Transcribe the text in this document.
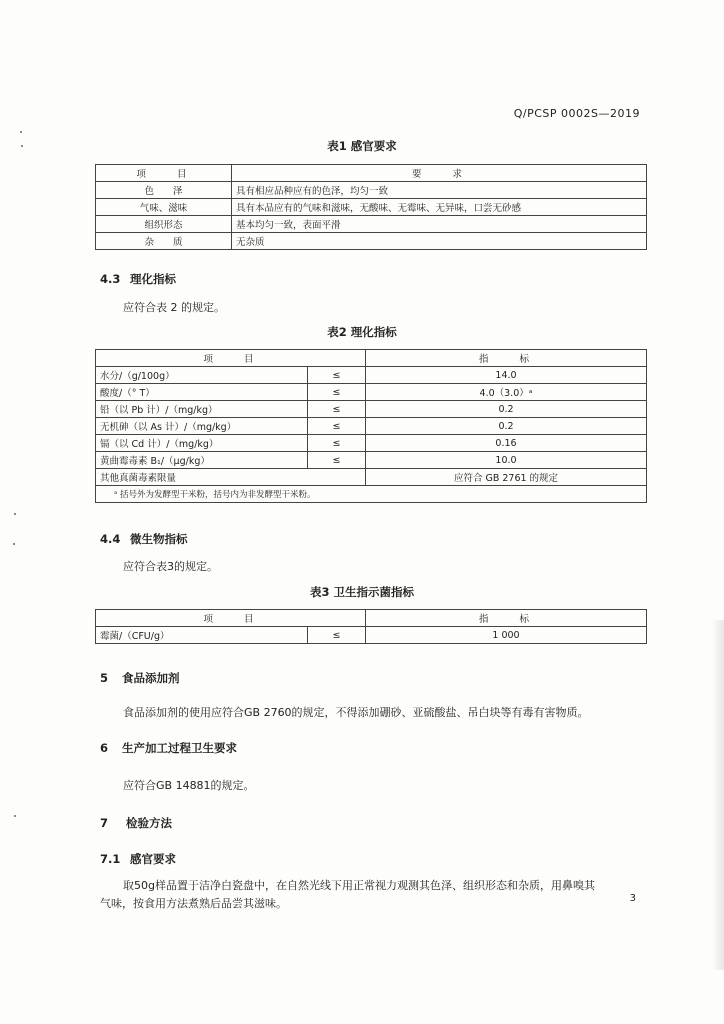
Q/PCSP 0002S—2019
表1 感官要求
项　　目	要　　求
色　　泽	具有相应品种应有的色泽，均匀一致
气味、滋味	具有本品应有的气味和滋味，无酸味、无霉味、无异味，口尝无砂感
组织形态	基本均匀一致，表面平滑
杂　　质	无杂质
4.3 理化指标
应符合表 2 的规定。
表2 理化指标
项　　目		指　　标
水分/（g/100g）	≤	14.0
酸度/（° T）	≤	4.0（3.0）ᵃ
铅（以 Pb 计）/（mg/kg）	≤	0.2
无机砷（以 As 计）/（mg/kg）	≤	0.2
镉（以 Cd 计）/（mg/kg）	≤	0.16
黄曲霉毒素 B₁/（μg/kg）	≤	10.0
其他真菌毒素限量		应符合 GB 2761 的规定
ᵃ 括号外为发酵型干米粉，括号内为非发酵型干米粉。		
4.4 微生物指标
应符合表3的规定。
表3 卫生指示菌指标
项　　目		指　　标
霉菌/（CFU/g）	≤	1 000
5 食品添加剂
食品添加剂的使用应符合GB 2760的规定，不得添加硼砂、亚硫酸盐、吊白块等有毒有害物质。
6 生产加工过程卫生要求
应符合GB 14881的规定。
7 检验方法
7.1 感官要求
取50g样品置于洁净白瓷盘中，在自然光线下用正常视力观测其色泽、组织形态和杂质，用鼻嗅其
气味，按食用方法煮熟后品尝其滋味。	3
